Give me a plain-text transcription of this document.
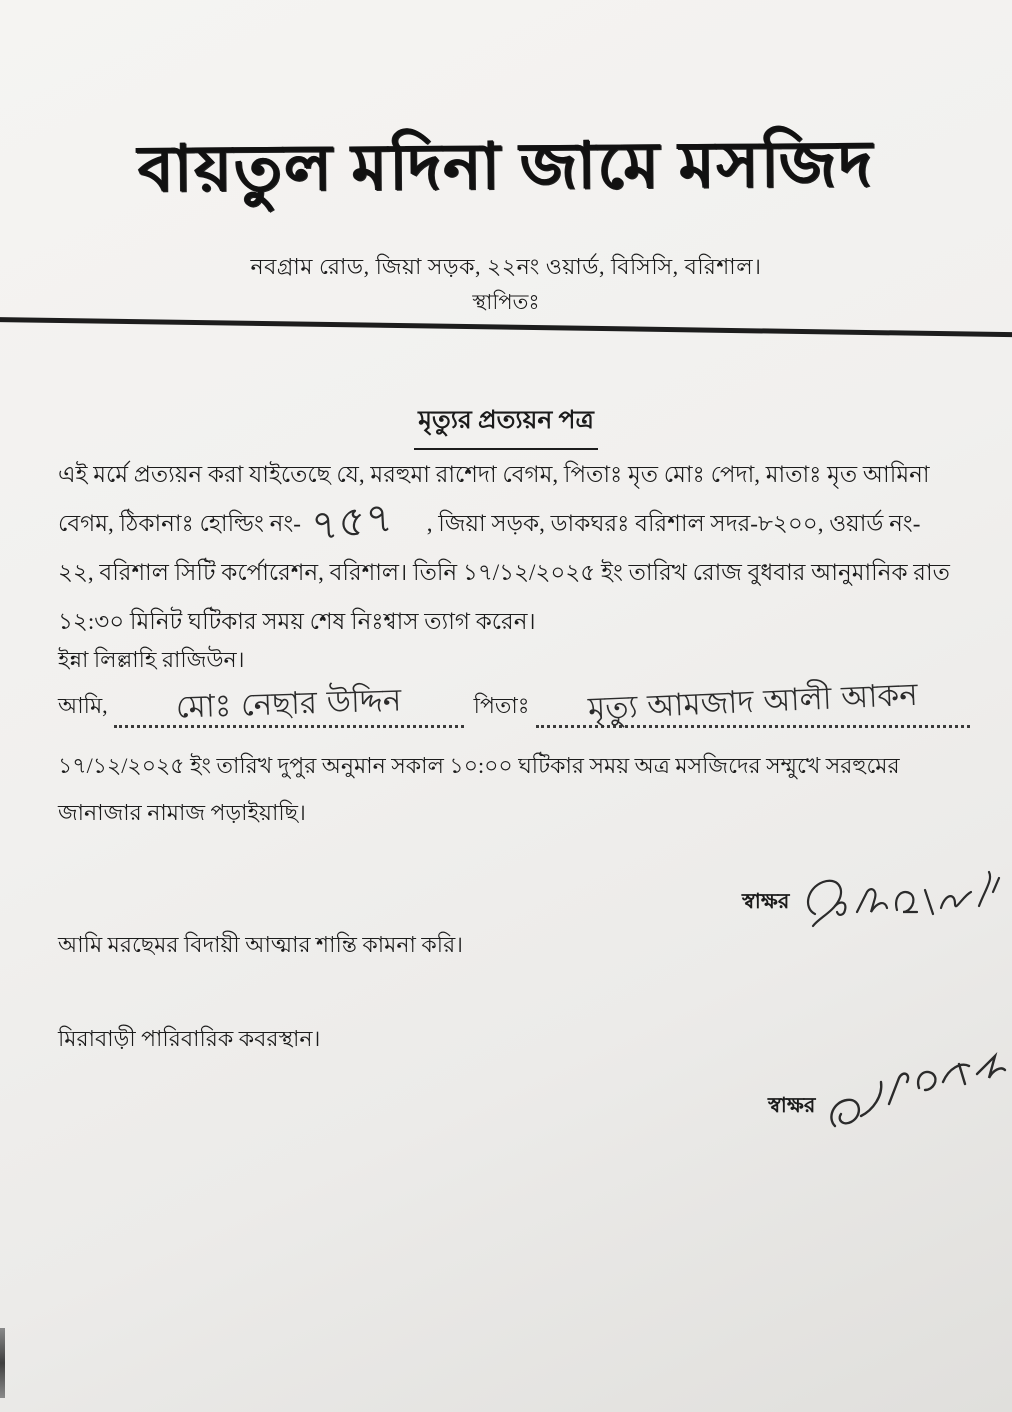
বায়তুল মদিনা জামে মসজিদ
নবগ্রাম রোড, জিয়া সড়ক, ২২নং ওয়ার্ড, বিসিসি, বরিশাল।
স্থাপিতঃ
মৃত্যুর প্রত্যয়ন পত্র
এই মর্মে প্রত্যয়ন করা যাইতেছে যে, মরহুমা রাশেদা বেগম, পিতাঃ মৃত মোঃ পেদা, মাতাঃ মৃত আমিনা বেগম, ঠিকানাঃ হোল্ডিং নং- ৭৫৭ , জিয়া সড়ক, ডাকঘরঃ বরিশাল সদর-৮২০০, ওয়ার্ড নং- ২২, বরিশাল সিটি কর্পোরেশন, বরিশাল। তিনি ১৭/১২/২০২৫ ইং তারিখ রোজ বুধবার আনুমানিক রাত ১২:৩০ মিনিট ঘটিকার সময় শেষ নিঃশ্বাস ত্যাগ করেন।
ইন্না লিল্লাহি রাজিউন।
আমি,	মোঃ নেছার উদ্দিন	পিতাঃ	মৃত্যু আমজাদ আলী আকন
১৭/১২/২০২৫ ইং তারিখ দুপুর অনুমান সকাল ১০:০০ ঘটিকার সময় অত্র মসজিদের সম্মুখে সরহুমের জানাজার নামাজ পড়াইয়াছি।
স্বাক্ষর
আমি মরছেমর বিদায়ী আত্মার শান্তি কামনা করি।
মিরাবাড়ী পারিবারিক কবরস্থান।
স্বাক্ষর
